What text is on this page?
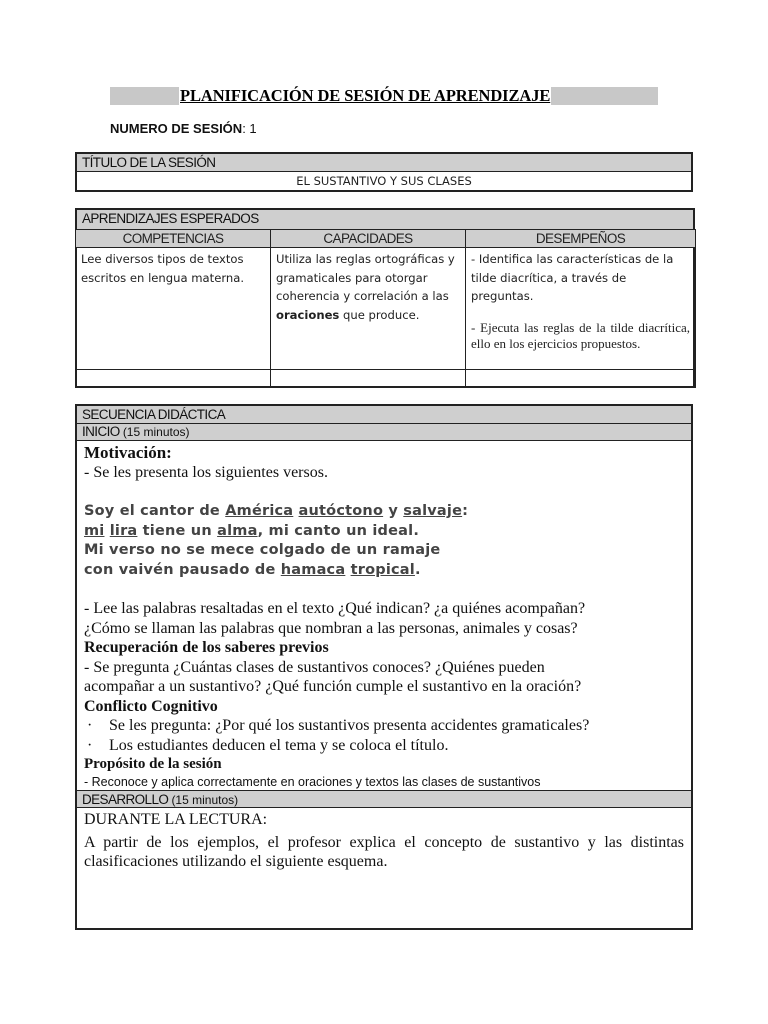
PLANIFICACIÓN DE SESIÓN DE APRENDIZAJE
NUMERO DE SESIÓN: 1
TÍTULO DE LA SESIÓN
EL SUSTANTIVO Y SUS CLASES
APRENDIZAJES ESPERADOS
COMPETENCIAS	CAPACIDADES	DESEMPEÑOS
Lee diversos tipos de textos escritos en lengua materna.	Utiliza las reglas ortográficas y gramaticales para otorgar coherencia y correlación a las oraciones que produce.	- Identifica las características de la tilde diacrítica, a través de preguntas.
- Ejecuta las reglas de la tilde diacrítica, ello en los ejercicios propuestos.

SECUENCIA DIDÁCTICA
INICIO (15 minutos)
Motivación:
- Se les presenta los siguientes versos.
Soy el cantor de América autóctono y salvaje:
mi lira tiene un alma, mi canto un ideal.
Mi verso no se mece colgado de un ramaje
con vaivén pausado de hamaca tropical.
- Lee las palabras resaltadas en el texto ¿Qué indican? ¿a quiénes acompañan?
¿Cómo se llaman las palabras que nombran a las personas, animales y cosas?
Recuperación de los saberes previos
- Se pregunta ¿Cuántas clases de sustantivos conoces? ¿Quiénes pueden
acompañar a un sustantivo? ¿Qué función cumple el sustantivo en la oración?
Conflicto Cognitivo
·	Se les pregunta: ¿Por qué los sustantivos presenta accidentes gramaticales?
·	Los estudiantes deducen el tema y se coloca el título.
Propósito de la sesión
- Reconoce y aplica correctamente en oraciones y textos las clases de sustantivos
DESARROLLO (15 minutos)
DURANTE LA LECTURA:
A partir de los ejemplos, el profesor explica el concepto de sustantivo y las distintas clasificaciones utilizando el siguiente esquema.
